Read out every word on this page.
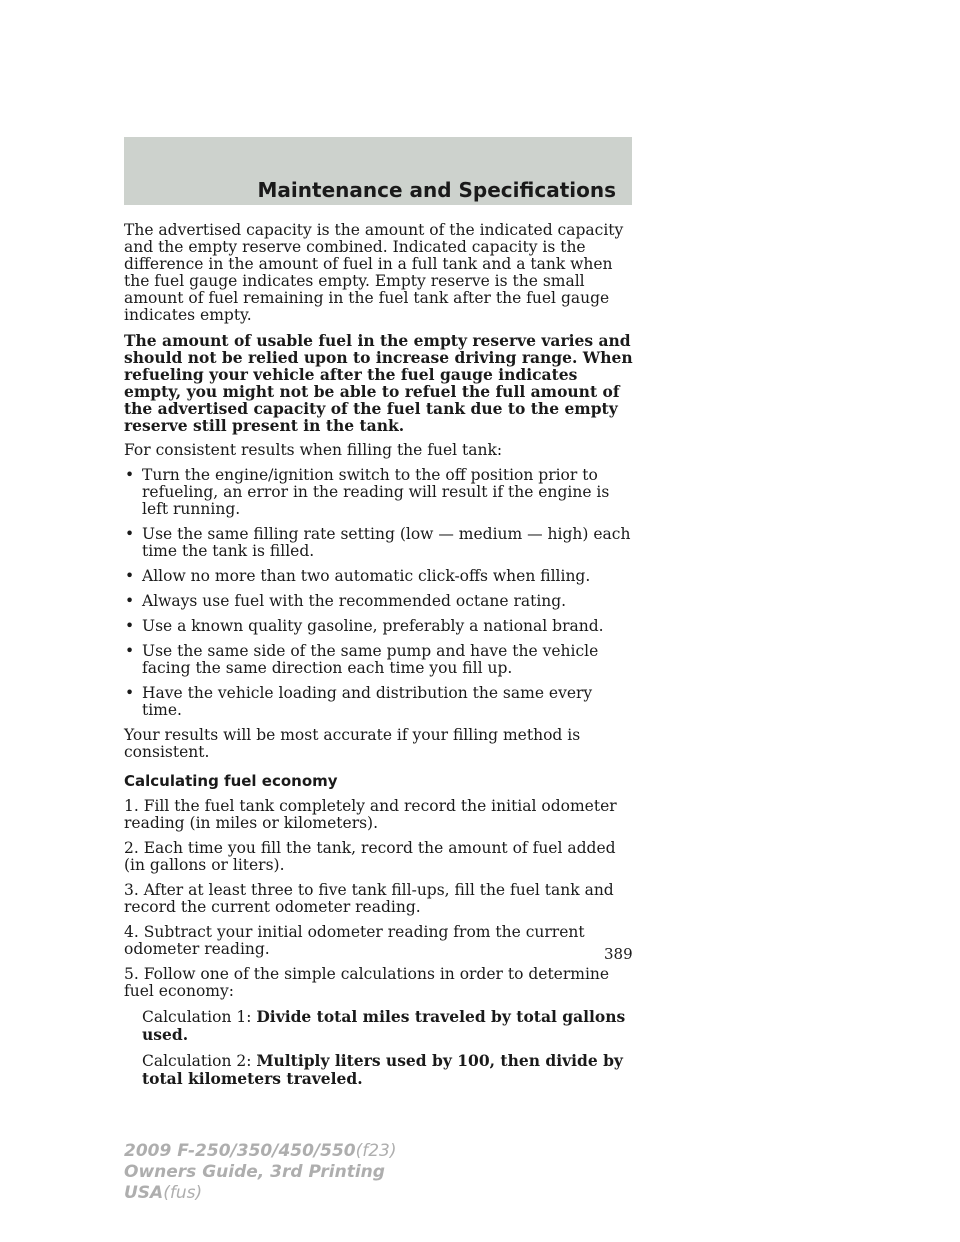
Maintenance and Specifications

The advertised capacity is the amount of the indicated capacity and the empty reserve combined. Indicated capacity is the difference in the amount of fuel in a full tank and a tank when the fuel gauge indicates empty. Empty reserve is the small amount of fuel remaining in the fuel tank after the fuel gauge indicates empty.

The amount of usable fuel in the empty reserve varies and should not be relied upon to increase driving range. When refueling your vehicle after the fuel gauge indicates empty, you might not be able to refuel the full amount of the advertised capacity of the fuel tank due to the empty reserve still present in the tank.

For consistent results when filling the fuel tank:

• Turn the engine/ignition switch to the off position prior to refueling, an error in the reading will result if the engine is left running.
• Use the same filling rate setting (low — medium — high) each time the tank is filled.
• Allow no more than two automatic click-offs when filling.
• Always use fuel with the recommended octane rating.
• Use a known quality gasoline, preferably a national brand.
• Use the same side of the same pump and have the vehicle facing the same direction each time you fill up.
• Have the vehicle loading and distribution the same every time.

Your results will be most accurate if your filling method is consistent.

Calculating fuel economy

1. Fill the fuel tank completely and record the initial odometer reading (in miles or kilometers).

2. Each time you fill the tank, record the amount of fuel added (in gallons or liters).

3. After at least three to five tank fill-ups, fill the fuel tank and record the current odometer reading.

4. Subtract your initial odometer reading from the current odometer reading.

5. Follow one of the simple calculations in order to determine fuel economy:

Calculation 1: Divide total miles traveled by total gallons used.

Calculation 2: Multiply liters used by 100, then divide by total kilometers traveled.

389
2009 F-250/350/450/550(f23)
Owners Guide, 3rd Printing
USA(fus)
